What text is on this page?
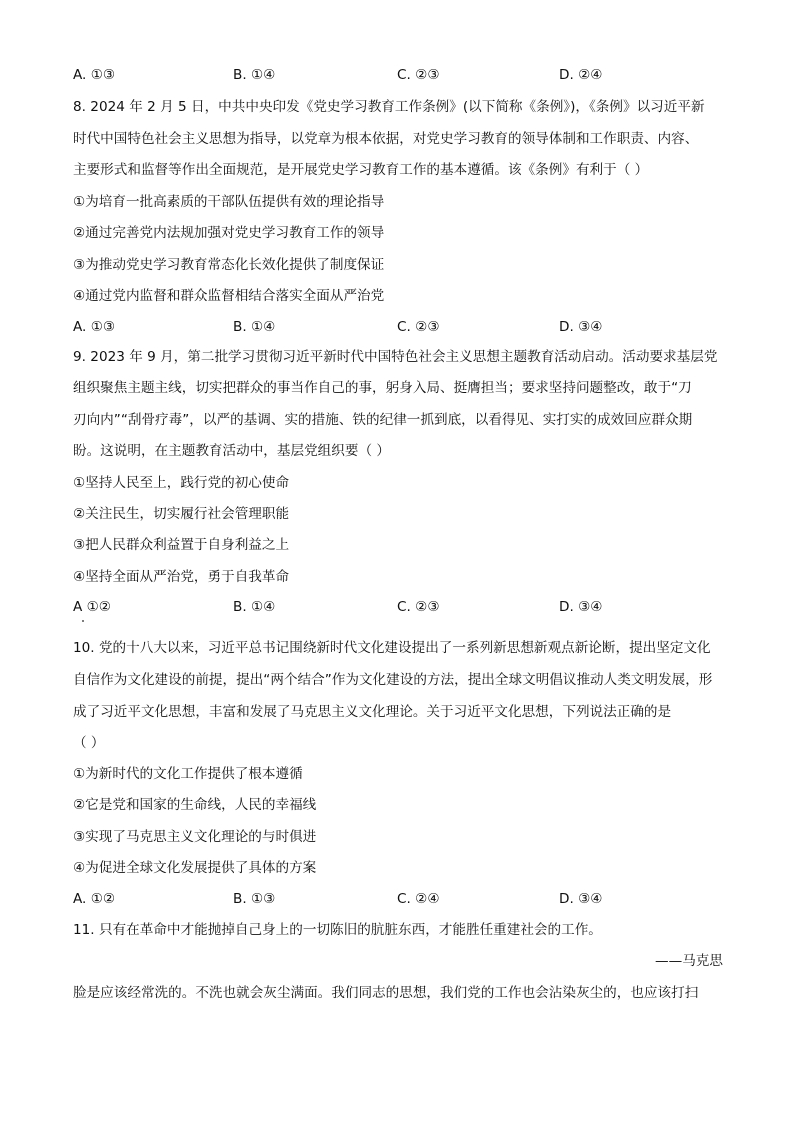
A. ①③	B. ①④	C. ②③	D. ②④
8. 2024 年 2 月 5 日，中共中央印发《党史学习教育工作条例》(以下简称《条例》)，《条例》以习近平新
时代中国特色社会主义思想为指导，以党章为根本依据，对党史学习教育的领导体制和工作职责、内容、
主要形式和监督等作出全面规范，是开展党史学习教育工作的基本遵循。该《条例》有利于（ ）
①为培育一批高素质的干部队伍提供有效的理论指导
②通过完善党内法规加强对党史学习教育工作的领导
③为推动党史学习教育常态化长效化提供了制度保证
④通过党内监督和群众监督相结合落实全面从严治党
A. ①③	B. ①④	C. ②③	D. ③④
9. 2023 年 9 月，第二批学习贯彻习近平新时代中国特色社会主义思想主题教育活动启动。活动要求基层党
组织聚焦主题主线，切实把群众的事当作自己的事，躬身入局、挺膺担当；要求坚持问题整改，敢于“刀
刃向内”“刮骨疗毒”，以严的基调、实的措施、铁的纪律一抓到底，以看得见、实打实的成效回应群众期
盼。这说明，在主题教育活动中，基层党组织要（ ）
①坚持人民至上，践行党的初心使命
②关注民生，切实履行社会管理职能
③把人民群众利益置于自身利益之上
④坚持全面从严治党，勇于自我革命
A ①②	B. ①④	C. ②③	D. ③④
10. 党的十八大以来，习近平总书记围绕新时代文化建设提出了一系列新思想新观点新论断，提出坚定文化
自信作为文化建设的前提，提出“两个结合”作为文化建设的方法，提出全球文明倡议推动人类文明发展，形
成了习近平文化思想，丰富和发展了马克思主义文化理论。关于习近平文化思想，下列说法正确的是
（ ）
①为新时代的文化工作提供了根本遵循
②它是党和国家的生命线，人民的幸福线
③实现了马克思主义文化理论的与时俱进
④为促进全球文化发展提供了具体的方案
A. ①②	B. ①③	C. ②④	D. ③④
11. 只有在革命中才能抛掉自己身上的一切陈旧的肮脏东西，才能胜任重建社会的工作。
——马克思
脸是应该经常洗的。不洗也就会灰尘满面。我们同志的思想，我们党的工作也会沾染灰尘的，也应该打扫
